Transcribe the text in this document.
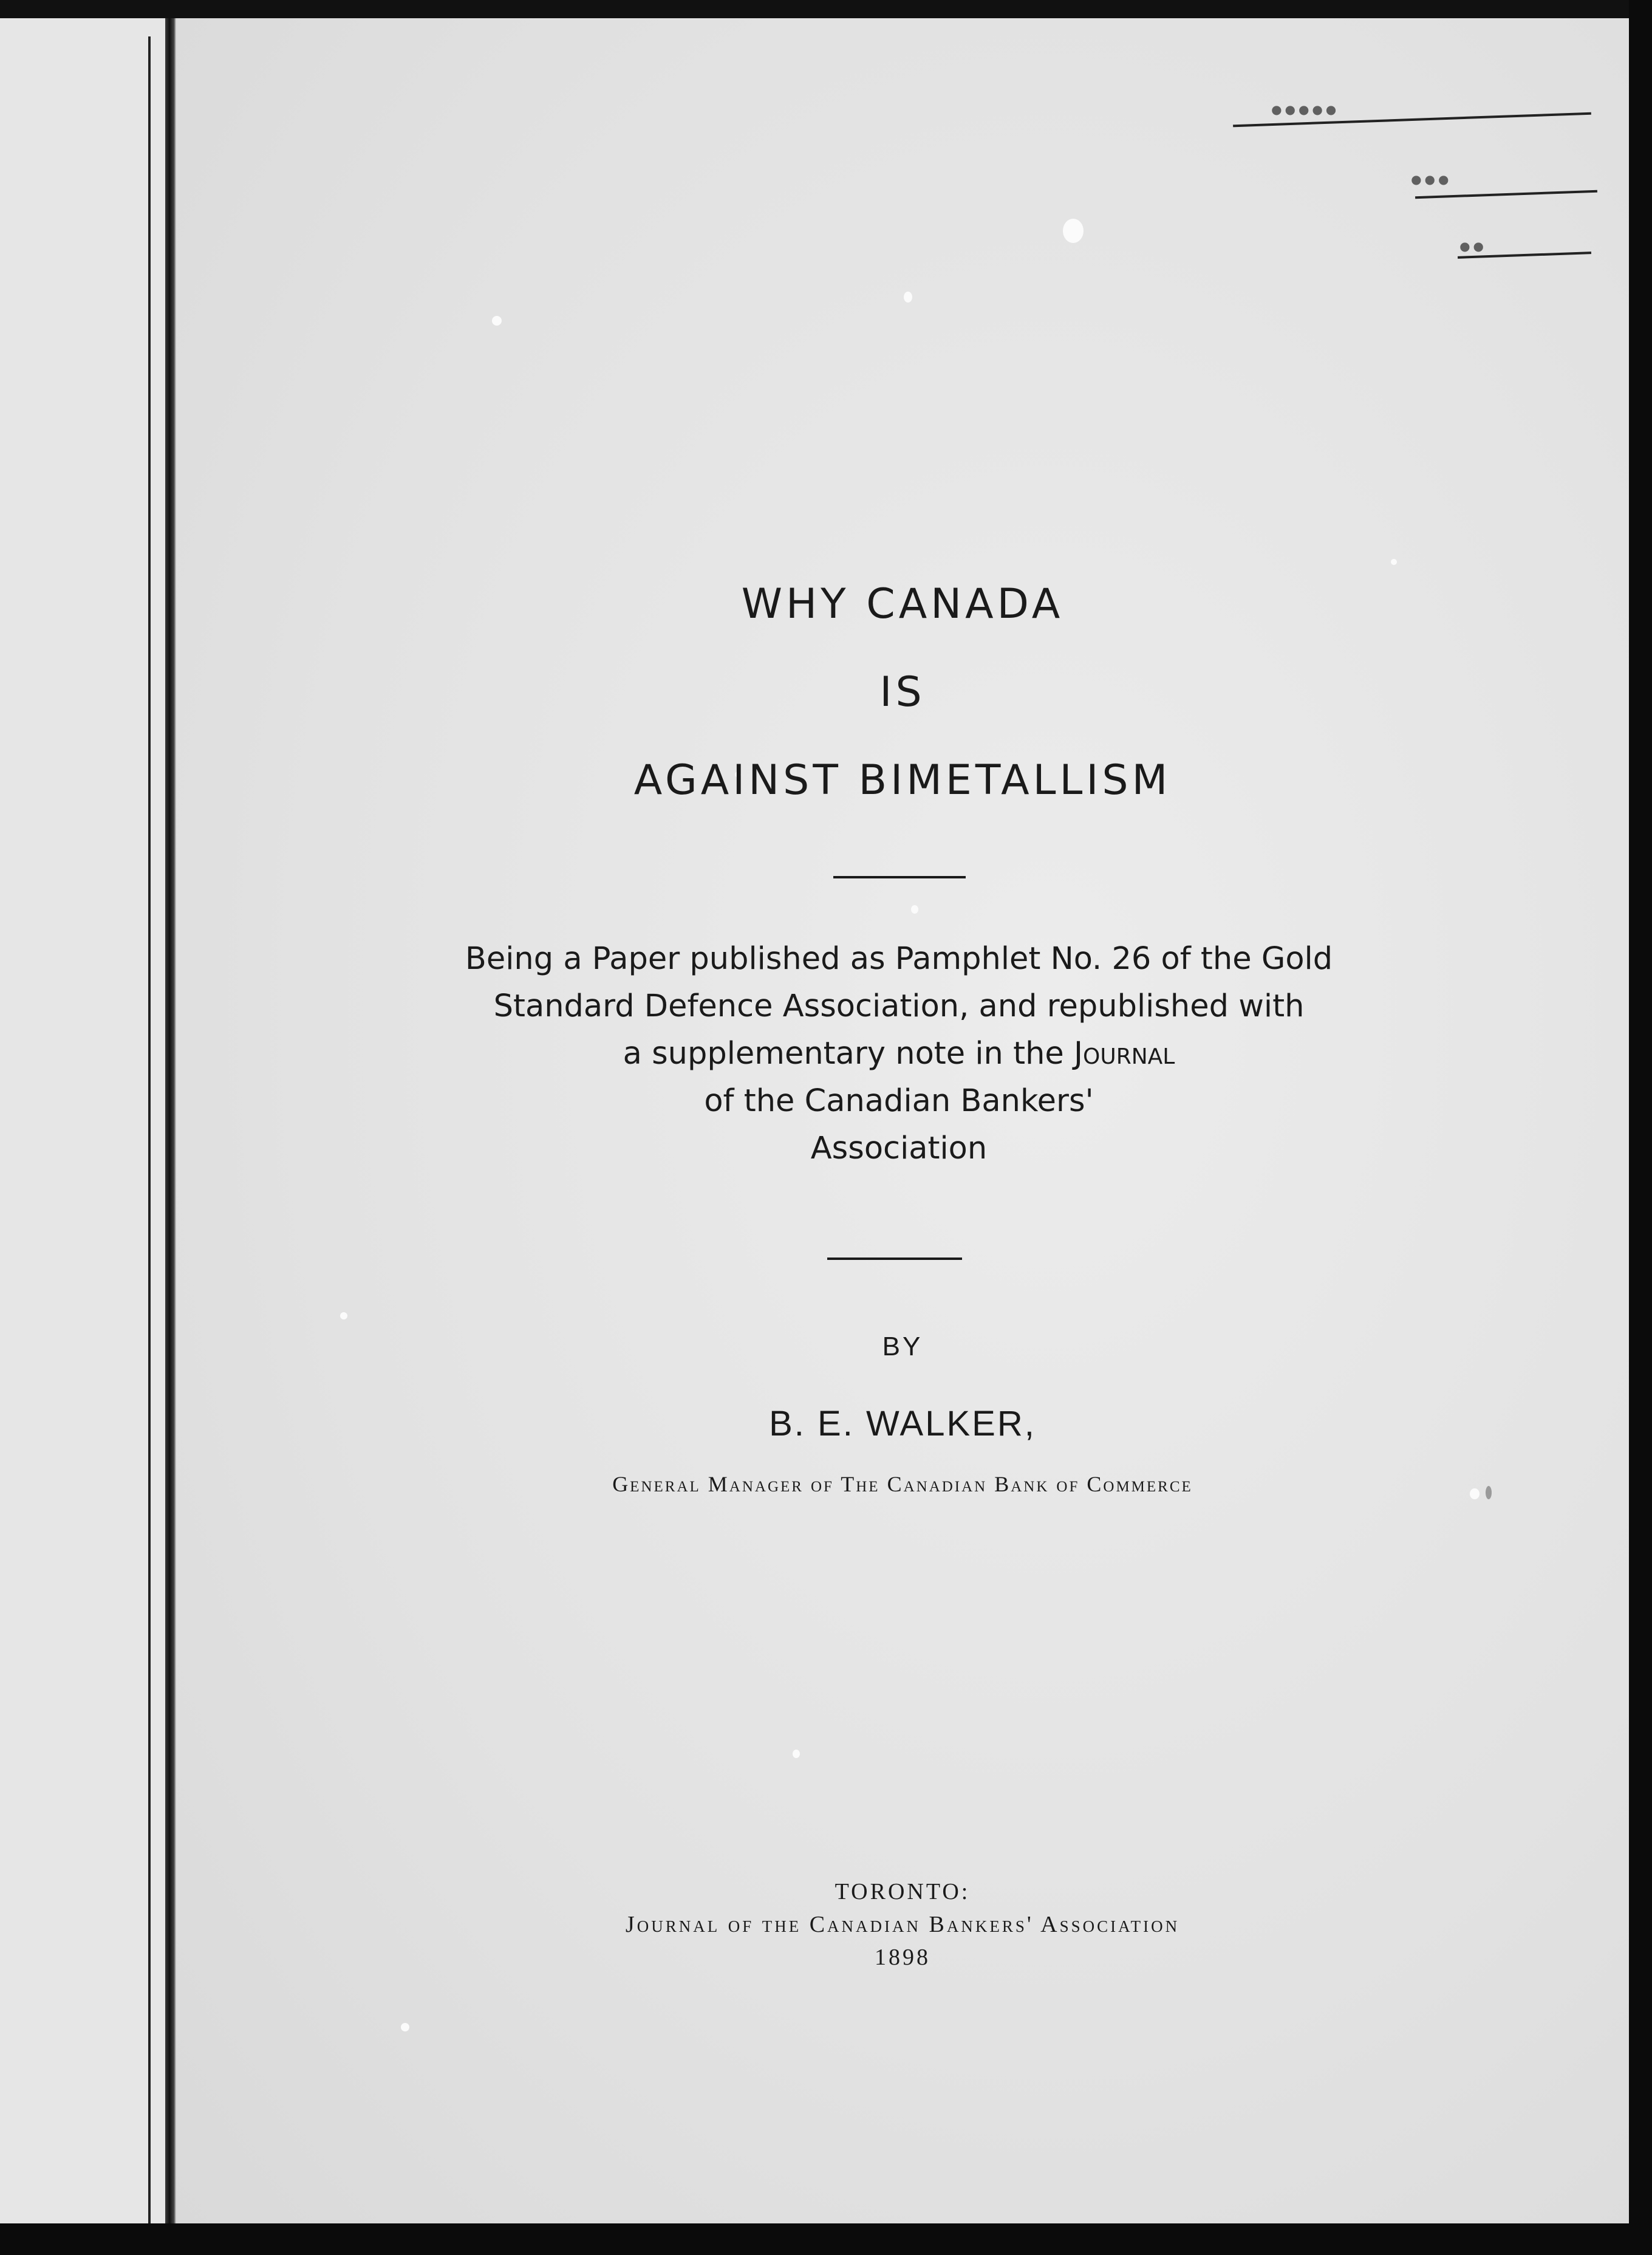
•••••
•••
••

WHY CANADA

IS

AGAINST BIMETALLISM

Being a Paper published as Pamphlet No. 26 of the Gold
Standard Defence Association, and republished with
a supplementary note in the Journal
of the Canadian Bankers'
Association
BY
B. E. WALKER,
General Manager of The Canadian Bank of Commerce
TORONTO:
Journal of the Canadian Bankers' Association
1898
